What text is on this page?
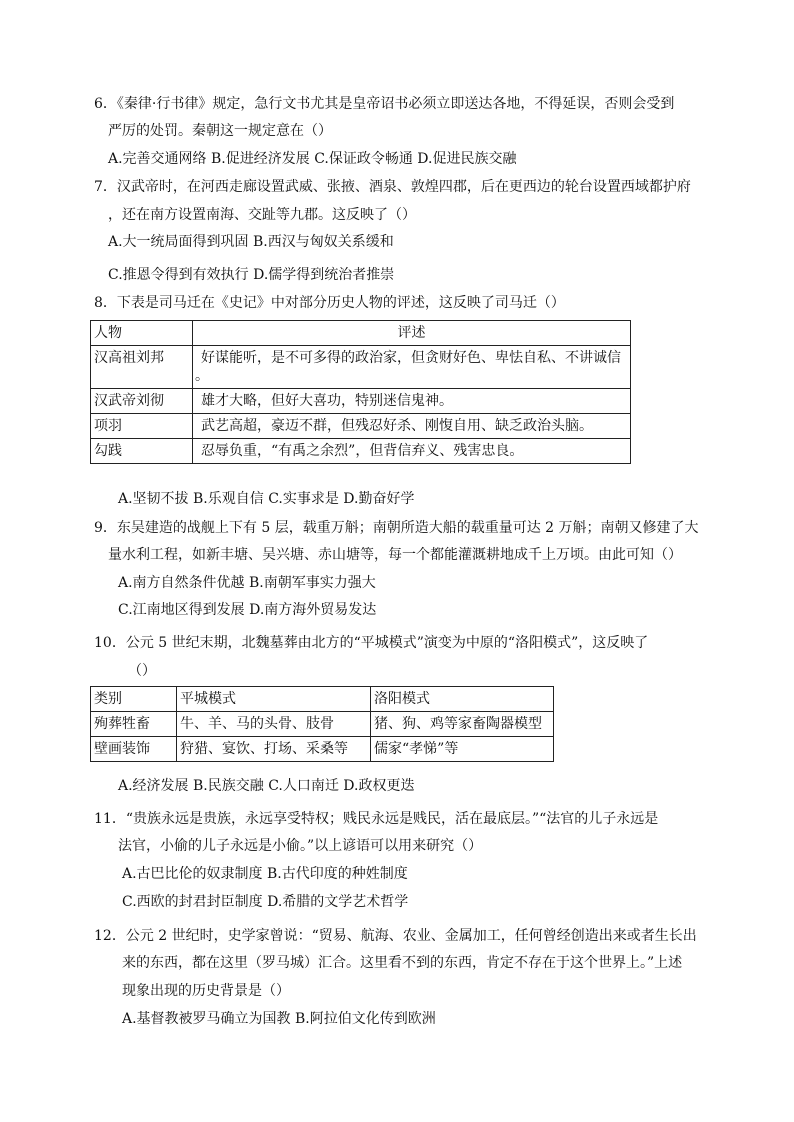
6．《秦律·行书律》规定，急行文书尤其是皇帝诏书必须立即送达各地，不得延误，否则会受到
严厉的处罚。秦朝这一规定意在（）
A.完善交通网络 B.促进经济发展 C.保证政令畅通 D.促进民族交融
7．汉武帝时，在河西走廊设置武威、张掖、酒泉、敦煌四郡，后在更西边的轮台设置西域都护府
，还在南方设置南海、交趾等九郡。这反映了（）
A.大一统局面得到巩固 B.西汉与匈奴关系缓和
C.推恩令得到有效执行 D.儒学得到统治者推崇
8．下表是司马迁在《史记》中对部分历史人物的评述，这反映了司马迁（）
人物	评述
汉高祖刘邦	好谋能听，是不可多得的政治家，但贪财好色、卑怯自私、不讲诚信
。
汉武帝刘彻	雄才大略，但好大喜功，特别迷信鬼神。
项羽	武艺高超，豪迈不群，但残忍好杀、刚愎自用、缺乏政治头脑。
勾践	忍辱负重，“有禹之余烈”，但背信弃义、残害忠良。
A.坚韧不拔 B.乐观自信 C.实事求是 D.勤奋好学
9．东吴建造的战舰上下有 5 层，载重万斛；南朝所造大船的载重量可达 2 万斛；南朝又修建了大
量水利工程，如新丰塘、吴兴塘、赤山塘等，每一个都能灌溉耕地成千上万顷。由此可知（）
A.南方自然条件优越 B.南朝军事实力强大
C.江南地区得到发展 D.南方海外贸易发达
10．公元 5 世纪末期，北魏墓葬由北方的“平城模式”演变为中原的“洛阳模式”，这反映了
（）
类别	平城模式	洛阳模式
殉葬牲畜	牛、羊、马的头骨、肢骨	猪、狗、鸡等家畜陶器模型
壁画装饰	狩猎、宴饮、打场、采桑等	儒家“孝悌”等
A.经济发展 B.民族交融 C.人口南迁 D.政权更迭
11．“贵族永远是贵族，永远享受特权；贱民永远是贱民，活在最底层。”“法官的儿子永远是
法官，小偷的儿子永远是小偷。”以上谚语可以用来研究（）
A.古巴比伦的奴隶制度 B.古代印度的种姓制度
C.西欧的封君封臣制度 D.希腊的文学艺术哲学
12．公元 2 世纪时，史学家曾说：“贸易、航海、农业、金属加工，任何曾经创造出来或者生长出
来的东西，都在这里（罗马城）汇合。这里看不到的东西，肯定不存在于这个世界上。”上述
现象出现的历史背景是（）
A.基督教被罗马确立为国教 B.阿拉伯文化传到欧洲
